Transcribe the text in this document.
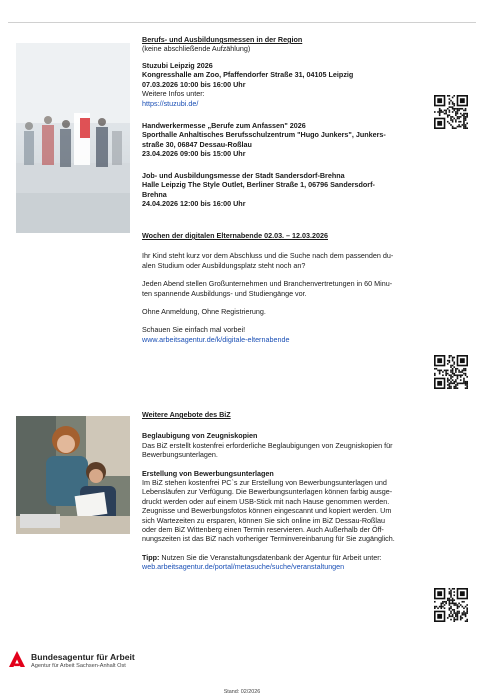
Berufs- und Ausbildungsmessen in der Region

(keine abschließende Aufzählung)

Stuzubi Leipzig 2026

Kongresshalle am Zoo, Pfaffendorfer Straße 31, 04105 Leipzig

07.03.2026 10:00 bis 16:00 Uhr

Weitere Infos unter:

https://stuzubi.de/

Handwerkermesse „Berufe zum Anfassen" 2026

Sporthalle Anhaltisches Berufsschulzentrum "Hugo Junkers", Junkers-

straße 30, 06847 Dessau-Roßlau

23.04.2026 09:00 bis 15:00 Uhr

Job- und Ausbildungsmesse der Stadt Sandersdorf-Brehna

Halle Leipzig The Style Outlet, Berliner Straße 1, 06796 Sandersdorf-

Brehna

24.04.2026 12:00 bis 16:00 Uhr

Wochen der digitalen Elternabende 02.03. – 12.03.2026

Ihr Kind steht kurz vor dem Abschluss und die Suche nach dem passenden du-

alen Studium oder Ausbildungsplatz steht noch an?

Jeden Abend stellen Großunternehmen und Branchenvertretungen in 60 Minu-

ten spannende Ausbildungs- und Studiengänge vor.

Ohne Anmeldung, Ohne Registrierung.

Schauen Sie einfach mal vorbei!

www.arbeitsagentur.de/k/digitale-elternabende

Weitere Angebote des BiZ

Beglaubigung von Zeugniskopien

Das BiZ erstellt kostenfrei erforderliche Beglaubigungen von Zeugniskopien für

Bewerbungsunterlagen.

Erstellung von Bewerbungsunterlagen

Im BiZ stehen kostenfrei PC`s zur Erstellung von Bewerbungsunterlagen und

Lebensläufen zur Verfügung. Die Bewerbungsunterlagen können farbig ausge-

druckt werden oder auf einem USB-Stick mit nach Hause genommen werden.

Zeugnisse und Bewerbungsfotos können eingescannt und kopiert werden. Um

sich Wartezeiten zu ersparen, können Sie sich online im BiZ Dessau-Roßlau

oder dem BiZ Wittenberg einen Termin reservieren. Auch Außerhalb der Öff-

nungszeiten ist das BiZ nach vorheriger Terminvereinbarung für Sie zugänglich.

Tipp: Nutzen Sie die Veranstaltungsdatenbank der Agentur für Arbeit unter:

web.arbeitsagentur.de/portal/metasuche/suche/veranstaltungen

Bundesagentur für Arbeit
Agentur für Arbeit Sachsen-Anhalt Ost
Stand: 02/2026
